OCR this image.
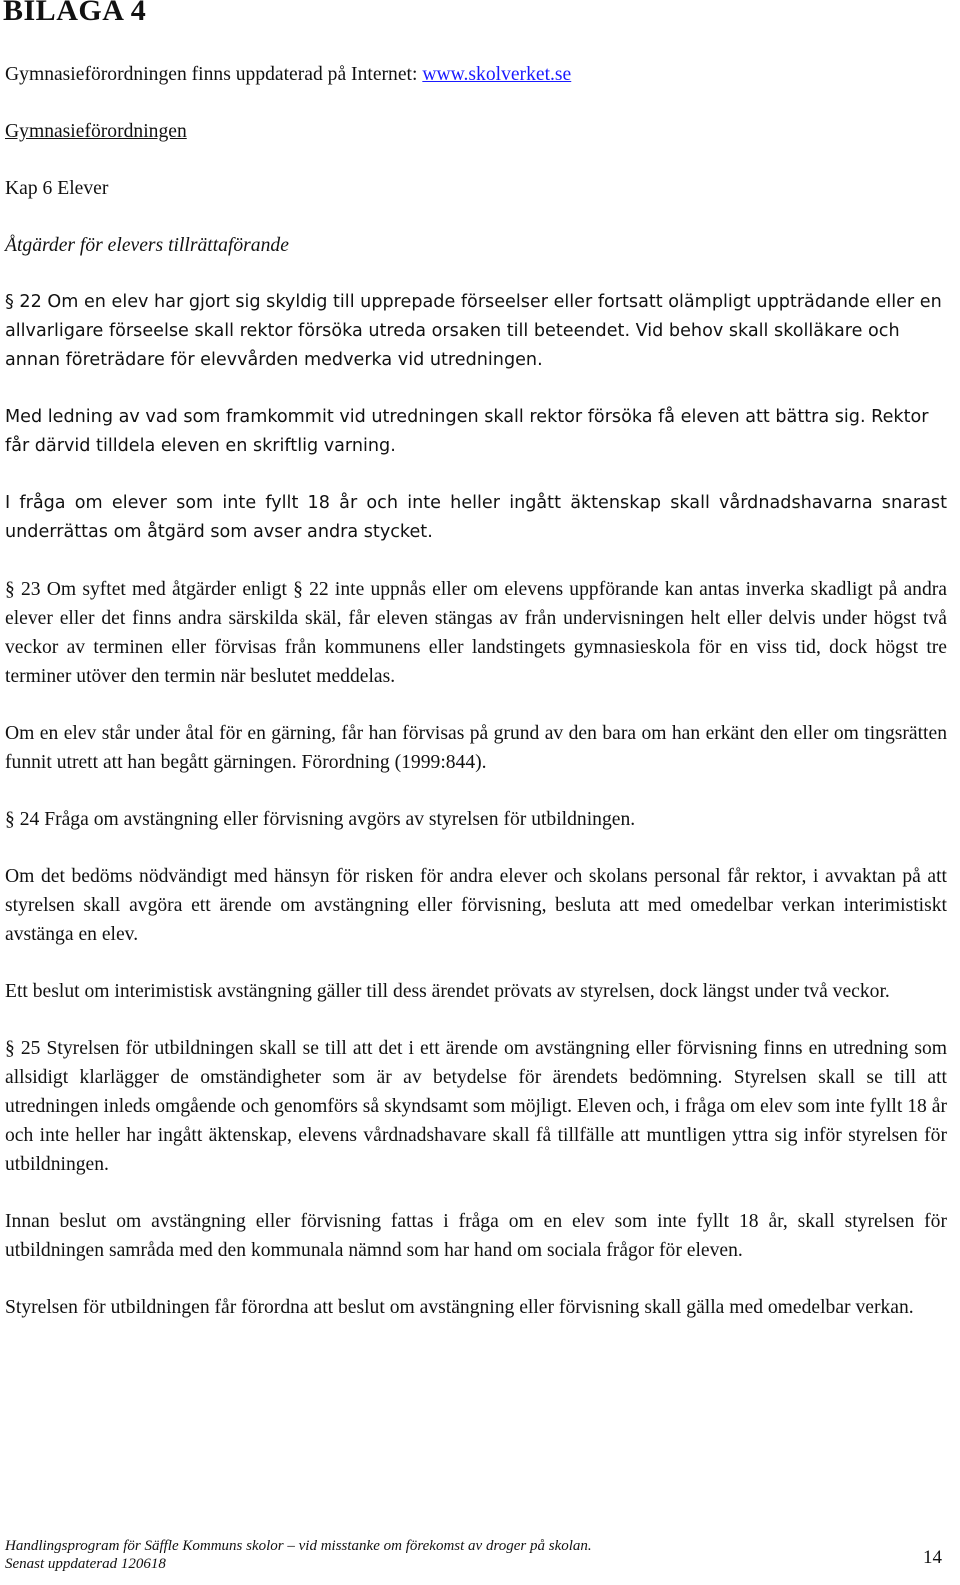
BILAGA 4

Gymnasieförordningen finns uppdaterad på Internet: www.skolverket.se

Gymnasieförordningen

Kap 6 Elever

Åtgärder för elevers tillrättaförande

§ 22 Om en elev har gjort sig skyldig till upprepade förseelser eller fortsatt olämpligt uppträdande eller en allvarligare förseelse skall rektor försöka utreda orsaken till beteendet. Vid behov skall skolläkare och annan företrädare för elevvården medverka vid utredningen.

Med ledning av vad som framkommit vid utredningen skall rektor försöka få eleven att bättra sig. Rektor får därvid tilldela eleven en skriftlig varning.

I fråga om elever som inte fyllt 18 år och inte heller ingått äktenskap skall vårdnadshavarna snarast underrättas om åtgärd som avser andra stycket.

§ 23 Om syftet med åtgärder enligt § 22 inte uppnås eller om elevens uppförande kan antas inverka skadligt på andra elever eller det finns andra särskilda skäl, får eleven stängas av från undervisningen helt eller delvis under högst två veckor av terminen eller förvisas från kommunens eller landstingets gymnasieskola för en viss tid, dock högst tre terminer utöver den termin när beslutet meddelas.

Om en elev står under åtal för en gärning, får han förvisas på grund av den bara om han erkänt den eller om tingsrätten funnit utrett att han begått gärningen. Förordning (1999:844).

§ 24 Fråga om avstängning eller förvisning avgörs av styrelsen för utbildningen.

Om det bedöms nödvändigt med hänsyn för risken för andra elever och skolans personal får rektor, i avvaktan på att styrelsen skall avgöra ett ärende om avstängning eller förvisning, besluta att med omedelbar verkan interimistiskt avstänga en elev.

Ett beslut om interimistisk avstängning gäller till dess ärendet prövats av styrelsen, dock längst under två veckor.

§ 25 Styrelsen för utbildningen skall se till att det i ett ärende om avstängning eller förvisning finns en utredning som allsidigt klarlägger de omständigheter som är av betydelse för ärendets bedömning. Styrelsen skall se till att utredningen inleds omgående och genomförs så skyndsamt som möjligt. Eleven och, i fråga om elev som inte fyllt 18 år och inte heller har ingått äktenskap, elevens vårdnadshavare skall få tillfälle att muntligen yttra sig inför styrelsen för utbildningen.

Innan beslut om avstängning eller förvisning fattas i fråga om en elev som inte fyllt 18 år, skall styrelsen för utbildningen samråda med den kommunala nämnd som har hand om sociala frågor för eleven.

Styrelsen för utbildningen får förordna att beslut om avstängning eller förvisning skall gälla med omedelbar verkan.

Handlingsprogram för Säffle Kommuns skolor – vid misstanke om förekomst av droger på skolan.
Senast uppdaterad 120618	14
